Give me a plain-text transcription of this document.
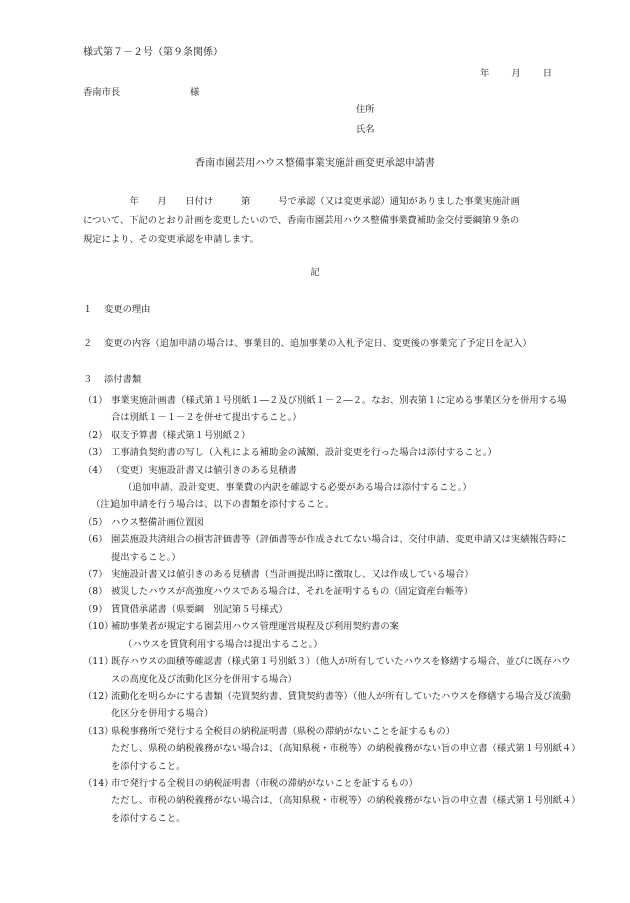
様式第７－２号（第９条関係）
年 月 日
香南市長	様
住所
氏名
香南市園芸用ハウス整備事業実施計画変更承認申請書
　　　　　年　　月　　日付け　　　第　　　号で承認（又は変更承認）通知がありました事業実施計画
について、下記のとおり計画を変更したいので、香南市園芸用ハウス整備事業費補助金交付要綱第９条の
規定により、その変更承認を申請します。
記
１ 変更の理由
２ 変更の内容（追加申請の場合は、事業目的、追加事業の入札予定日、変更後の事業完了予定日を記入）
３ 添付書類
（1） 事業実施計画書（様式第１号別紙１―２及び別紙１－２―２。なお、別表第１に定める事業区分を併用する場
合は別紙１－１－２を併せて提出すること。）
（2） 収支予算書（様式第１号別紙２）
（3） 工事請負契約書の写し（入札による補助金の減額、設計変更を行った場合は添付すること。）
（4） （変更）実施設計書又は値引きのある見積書
（追加申請、設計変更、事業費の内訳を確認する必要がある場合は添付すること。）
（注）
追加申請を行う場合は、以下の書類を添付すること。
（5） ハウス整備計画位置図
（6） 園芸施設共済組合の損害評価書等（評価書等が作成されてない場合は、交付申請、変更申請又は実績報告時に
提出すること。）
（7） 実施設計書又は値引きのある見積書（当計画提出時に徴取し、又は作成している場合）
（8） 被災したハウスが高強度ハウスである場合は、それを証明するもの（固定資産台帳等）
（9） 賃貸借承諾書（県要綱　別記第５号様式）
（10）
補助事業者が規定する園芸用ハウス管理運営規程及び利用契約書の案
（ハウスを賃貸利用する場合は提出すること。）
（11）
既存ハウスの面積等確認書（様式第１号別紙３）（他人が所有していたハウスを修繕する場合、並びに既存ハウ
スの高度化及び流動化区分を併用する場合）
（12）
流動化を明らかにする書類（売買契約書、賃貸契約書等）（他人が所有していたハウスを修繕する場合及び流動
化区分を併用する場合）
（13）
県税事務所で発行する全税目の納税証明書（県税の滞納がないことを証するもの）
ただし、県税の納税義務がない場合は、（高知県税・市税等）の納税義務がない旨の申立書（様式第１号別紙４）
を添付すること。
（14）
市で発行する全税目の納税証明書（市税の滞納がないことを証するもの）
ただし、市税の納税義務がない場合は、（高知県税・市税等）の納税義務がない旨の申立書（様式第１号別紙４）
を添付すること。
